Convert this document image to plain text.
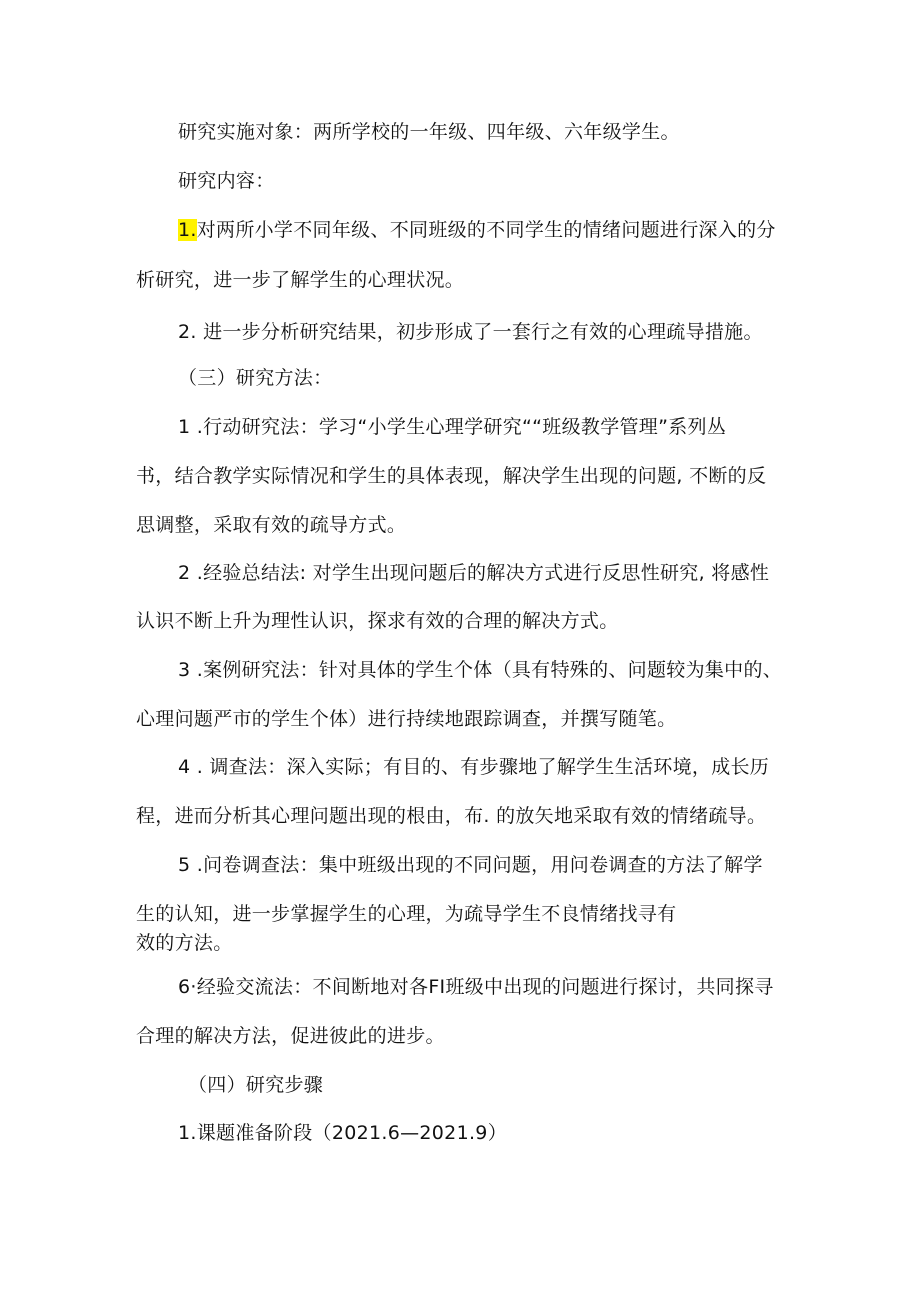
研究实施对象：两所学校的一年级、四年级、六年级学生。
研究内容：
1.对两所小学不同年级、不同班级的不同学生的情绪问题进行深入的分
析研究，进一步了解学生的心理状况。
2. 进一步分析研究结果，初步形成了一套行之有效的心理疏导措施。
（三）研究方法：
1 .行动研究法：学习“小学生心理学研究““班级教学管理”系列丛
书，结合教学实际情况和学生的具体表现，解决学生出现的问题, 不断的反
思调整，采取有效的疏导方式。
2 .经验总结法: 对学生出现问题后的解决方式进行反思性研究, 将感性
认识不断上升为理性认识，探求有效的合理的解决方式。
3 .案例研究法：针对具体的学生个体（具有特殊的、问题较为集中的、
心理问题严市的学生个体）进行持续地跟踪调查，并撰写随笔。
4 . 调查法：深入实际；有目的、有步骤地了解学生生活环境，成长历
程，进而分析其心理问题出现的根由，布. 的放矢地采取有效的情绪疏导。
5 .问卷调查法：集中班级出现的不同问题，用问卷调查的方法了解学
生的认知，进一步掌握学生的心理，为疏导学生不良情绪找寻有
效的方法。
6·经验交流法：不间断地对各FI班级中出现的问题进行探讨，共同探寻
合理的解决方法，促进彼此的进步。
（四）研究步骤
1.课题准备阶段（2021.6—2021.9）
